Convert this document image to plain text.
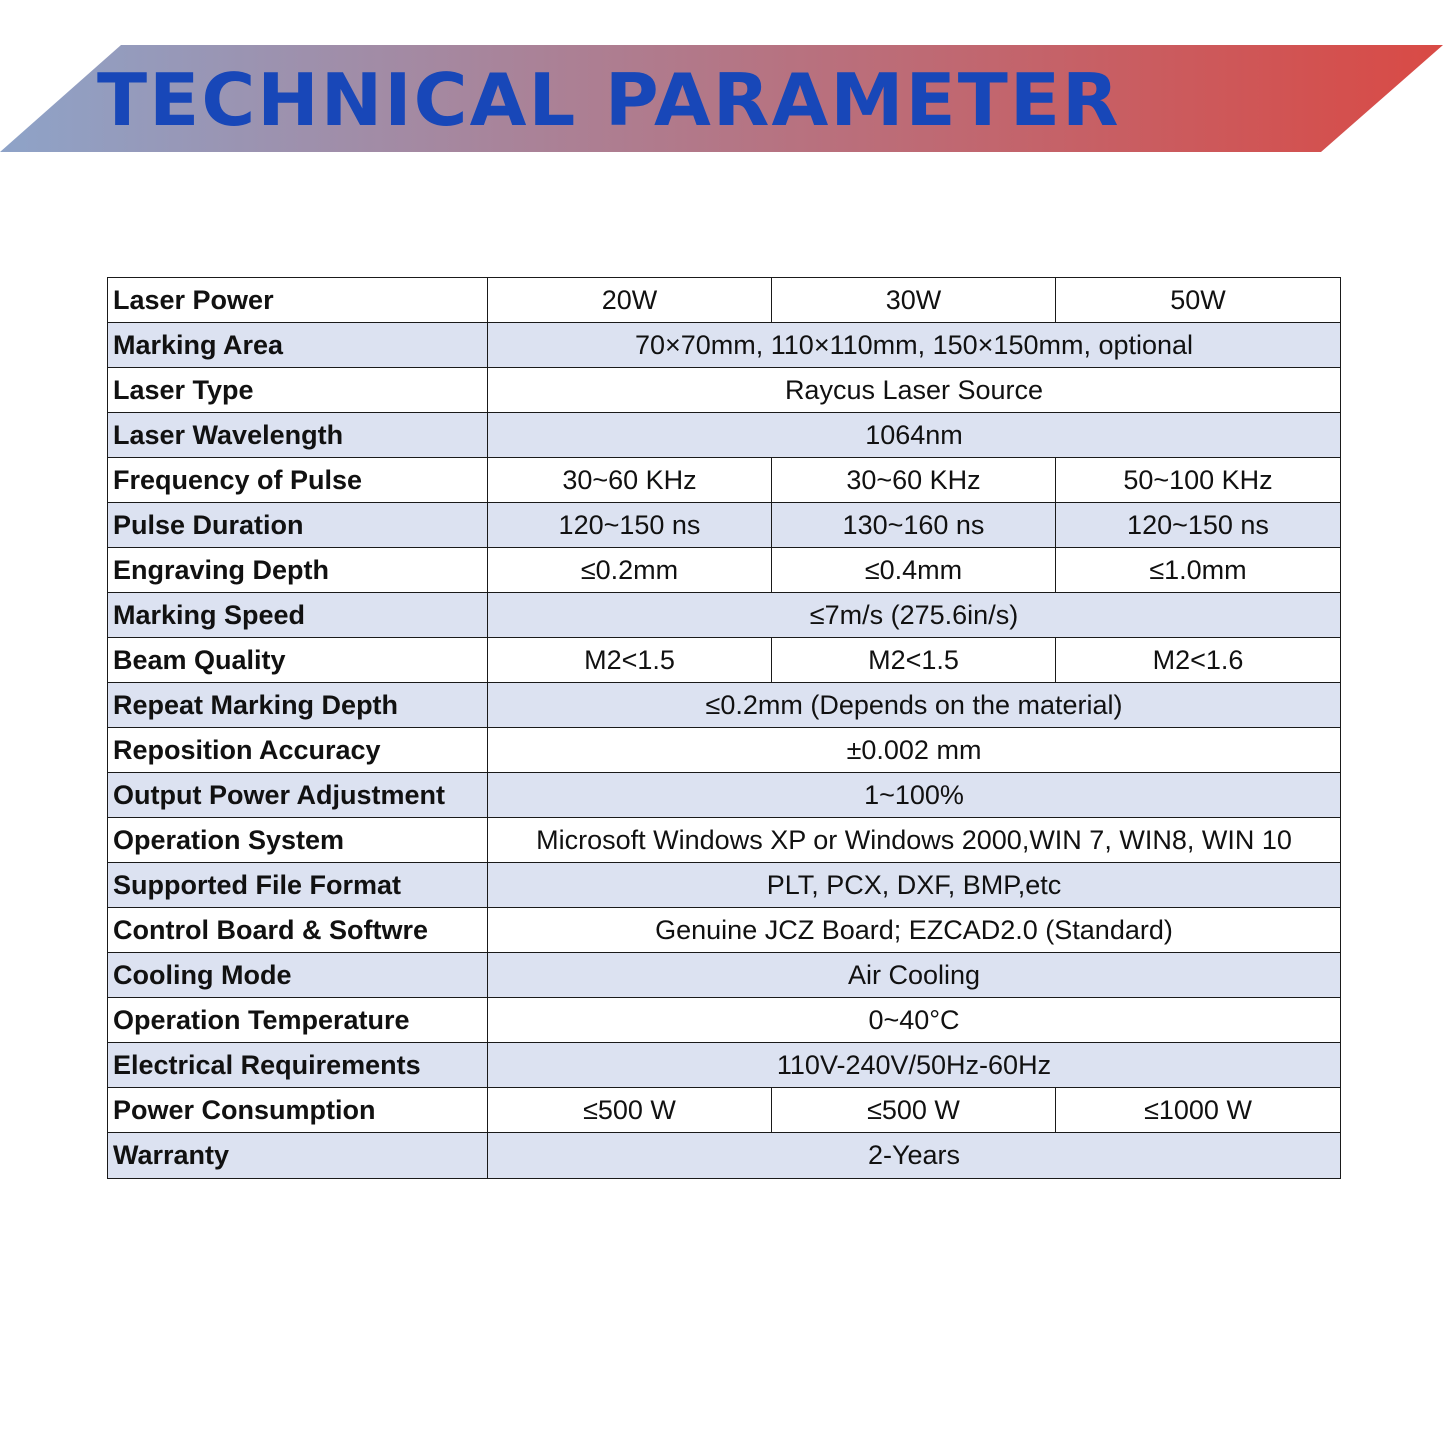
TECHNICAL PARAMETER
Laser Power	20W	30W	50W
Marking Area	70×70mm, 110×110mm, 150×150mm, optional		
Laser Type	Raycus Laser Source		
Laser Wavelength	1064nm		
Frequency of Pulse	30~60 KHz	30~60 KHz	50~100 KHz
Pulse Duration	120~150 ns	130~160 ns	120~150 ns
Engraving Depth	≤0.2mm	≤0.4mm	≤1.0mm
Marking Speed	≤7m/s (275.6in/s)		
Beam Quality	M2<1.5	M2<1.5	M2<1.6
Repeat Marking Depth	≤0.2mm (Depends on the material)		
Reposition Accuracy	±0.002 mm		
Output Power Adjustment	1~100%		
Operation System	Microsoft Windows XP or Windows 2000,WIN 7, WIN8, WIN 10		
Supported File Format	PLT, PCX, DXF, BMP,etc		
Control Board & Softwre	Genuine JCZ Board; EZCAD2.0 (Standard)		
Cooling Mode	Air Cooling		
Operation Temperature	0~40°C		
Electrical Requirements	110V-240V/50Hz-60Hz		
Power Consumption	≤500 W	≤500 W	≤1000 W
Warranty	2-Years		
